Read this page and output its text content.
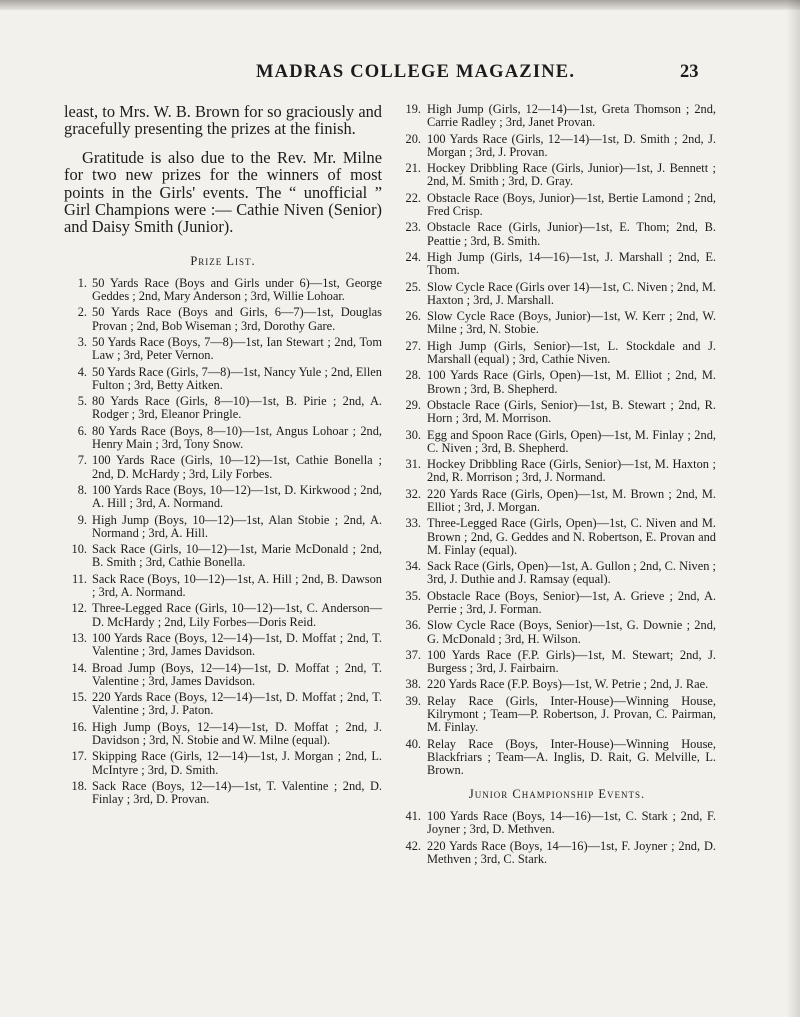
MADRAS COLLEGE MAGAZINE.	23

least, to Mrs. W. B. Brown for so graciously and gracefully presenting the prizes at the finish.

Gratitude is also due to the Rev. Mr. Milne for two new prizes for the winners of most points in the Girls' events. The “ unofficial ” Girl Champions were :— Cathie Niven (Senior) and Daisy Smith (Junior).

Prize List.
1. 50 Yards Race (Boys and Girls under 6)—1st, George Geddes ; 2nd, Mary Anderson ; 3rd, Willie Lohoar.
2. 50 Yards Race (Boys and Girls, 6—7)—1st, Douglas Provan ; 2nd, Bob Wiseman ; 3rd, Dorothy Gare.
3. 50 Yards Race (Boys, 7—8)—1st, Ian Stewart ; 2nd, Tom Law ; 3rd, Peter Vernon.
4. 50 Yards Race (Girls, 7—8)—1st, Nancy Yule ; 2nd, Ellen Fulton ; 3rd, Betty Aitken.
5. 80 Yards Race (Girls, 8—10)—1st, B. Pirie ; 2nd, A. Rodger ; 3rd, Eleanor Pringle.
6. 80 Yards Race (Boys, 8—10)—1st, Angus Lohoar ; 2nd, Henry Main ; 3rd, Tony Snow.
7. 100 Yards Race (Girls, 10—12)—1st, Cathie Bonella ; 2nd, D. McHardy ; 3rd, Lily Forbes.
8. 100 Yards Race (Boys, 10—12)—1st, D. Kirkwood ; 2nd, A. Hill ; 3rd, A. Normand.
9. High Jump (Boys, 10—12)—1st, Alan Stobie ; 2nd, A. Normand ; 3rd, A. Hill.
10. Sack Race (Girls, 10—12)—1st, Marie McDonald ; 2nd, B. Smith ; 3rd, Cathie Bonella.
11. Sack Race (Boys, 10—12)—1st, A. Hill ; 2nd, B. Dawson ; 3rd, A. Normand.
12. Three-Legged Race (Girls, 10—12)—1st, C. Anderson—D. McHardy ; 2nd, Lily Forbes—Doris Reid.
13. 100 Yards Race (Boys, 12—14)—1st, D. Moffat ; 2nd, T. Valentine ; 3rd, James Davidson.
14. Broad Jump (Boys, 12—14)—1st, D. Moffat ; 2nd, T. Valentine ; 3rd, James Davidson.
15. 220 Yards Race (Boys, 12—14)—1st, D. Moffat ; 2nd, T. Valentine ; 3rd, J. Paton.
16. High Jump (Boys, 12—14)—1st, D. Moffat ; 2nd, J. Davidson ; 3rd, N. Stobie and W. Milne (equal).
17. Skipping Race (Girls, 12—14)—1st, J. Morgan ; 2nd, L. McIntyre ; 3rd, D. Smith.
18. Sack Race (Boys, 12—14)—1st, T. Valentine ; 2nd, D. Finlay ; 3rd, D. Provan.
19. High Jump (Girls, 12—14)—1st, Greta Thomson ; 2nd, Carrie Radley ; 3rd, Janet Provan.
20. 100 Yards Race (Girls, 12—14)—1st, D. Smith ; 2nd, J. Morgan ; 3rd, J. Provan.
21. Hockey Dribbling Race (Girls, Junior)—1st, J. Bennett ; 2nd, M. Smith ; 3rd, D. Gray.
22. Obstacle Race (Boys, Junior)—1st, Bertie Lamond ; 2nd, Fred Crisp.
23. Obstacle Race (Girls, Junior)—1st, E. Thom; 2nd, B. Peattie ; 3rd, B. Smith.
24. High Jump (Girls, 14—16)—1st, J. Marshall ; 2nd, E. Thom.
25. Slow Cycle Race (Girls over 14)—1st, C. Niven ; 2nd, M. Haxton ; 3rd, J. Marshall.
26. Slow Cycle Race (Boys, Junior)—1st, W. Kerr ; 2nd, W. Milne ; 3rd, N. Stobie.
27. High Jump (Girls, Senior)—1st, L. Stockdale and J. Marshall (equal) ; 3rd, Cathie Niven.
28. 100 Yards Race (Girls, Open)—1st, M. Elliot ; 2nd, M. Brown ; 3rd, B. Shepherd.
29. Obstacle Race (Girls, Senior)—1st, B. Stewart ; 2nd, R. Horn ; 3rd, M. Morrison.
30. Egg and Spoon Race (Girls, Open)—1st, M. Finlay ; 2nd, C. Niven ; 3rd, B. Shepherd.
31. Hockey Dribbling Race (Girls, Senior)—1st, M. Haxton ; 2nd, R. Morrison ; 3rd, J. Normand.
32. 220 Yards Race (Girls, Open)—1st, M. Brown ; 2nd, M. Elliot ; 3rd, J. Morgan.
33. Three-Legged Race (Girls, Open)—1st, C. Niven and M. Brown ; 2nd, G. Geddes and N. Robertson, E. Provan and M. Finlay (equal).
34. Sack Race (Girls, Open)—1st, A. Gullon ; 2nd, C. Niven ; 3rd, J. Duthie and J. Ramsay (equal).
35. Obstacle Race (Boys, Senior)—1st, A. Grieve ; 2nd, A. Perrie ; 3rd, J. Forman.
36. Slow Cycle Race (Boys, Senior)—1st, G. Downie ; 2nd, G. McDonald ; 3rd, H. Wilson.
37. 100 Yards Race (F.P. Girls)—1st, M. Stewart; 2nd, J. Burgess ; 3rd, J. Fairbairn.
38. 220 Yards Race (F.P. Boys)—1st, W. Petrie ; 2nd, J. Rae.
39. Relay Race (Girls, Inter-House)—Winning House, Kilrymont ; Team—P. Robertson, J. Provan, C. Pairman, M. Finlay.
40. Relay Race (Boys, Inter-House)—Winning House, Blackfriars ; Team—A. Inglis, D. Rait, G. Melville, L. Brown.
Junior Championship Events.
41. 100 Yards Race (Boys, 14—16)—1st, C. Stark ; 2nd, F. Joyner ; 3rd, D. Methven.
42. 220 Yards Race (Boys, 14—16)—1st, F. Joyner ; 2nd, D. Methven ; 3rd, C. Stark.
